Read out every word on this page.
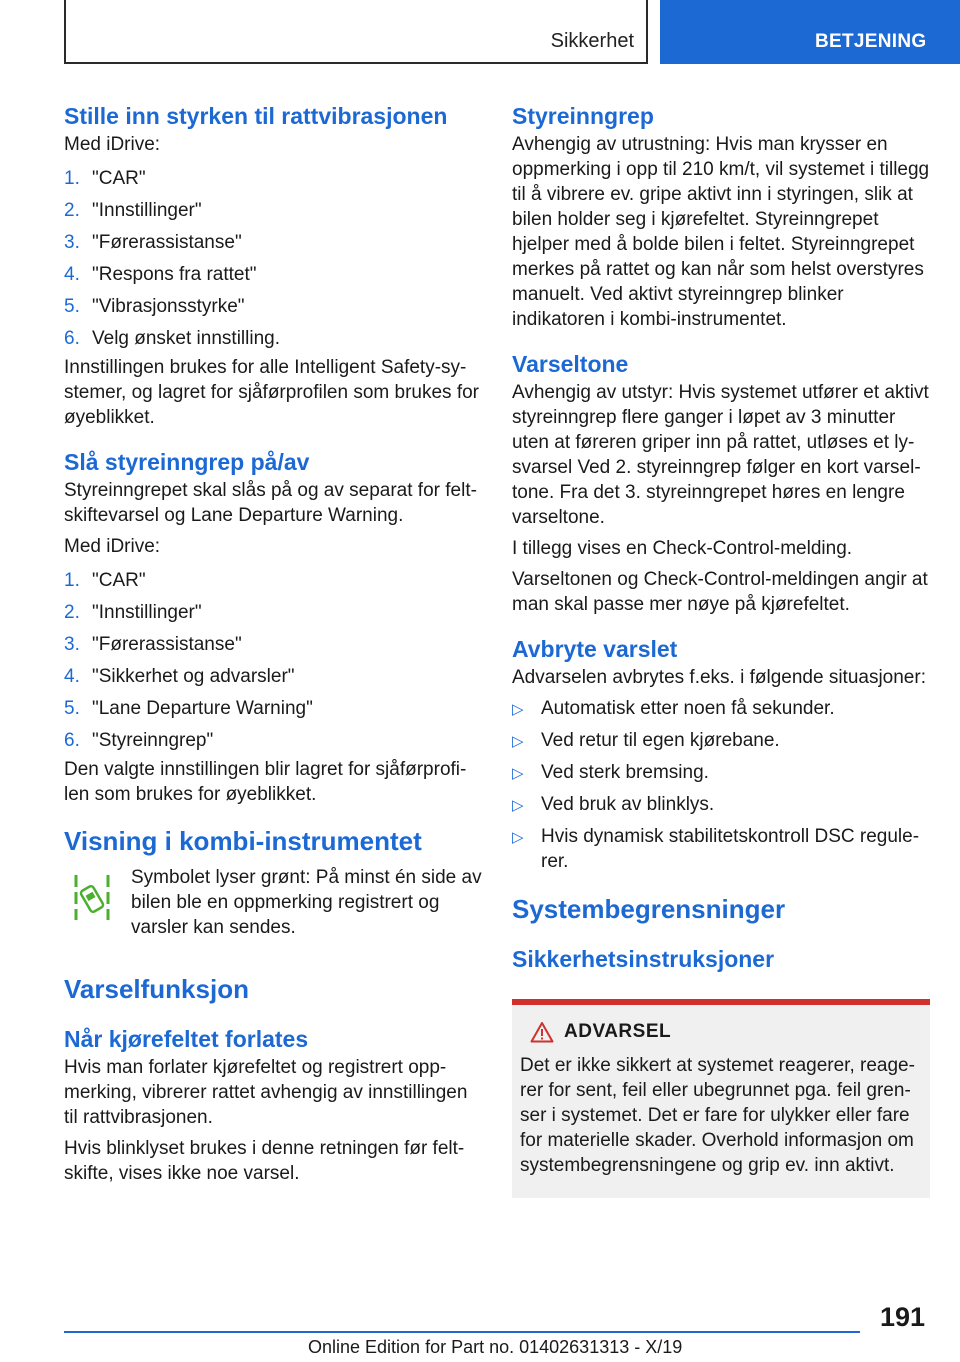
Sikkerhet	BETJENING
Stille inn styrken til rattvibrasjonen

Med iDrive:

1. "CAR"
2. "Innstillinger"
3. "Førerassistanse"
4. "Respons fra rattet"
5. "Vibrasjonsstyrke"
6. Velg ønsket innstilling.

Innstillingen brukes for alle Intelligent Safety-systemer, og lagret for sjåførprofilen som brukes for øyeblikket.

Slå styreinngrep på/av

Styreinngrepet skal slås på og av separat for feltskiftevarsel og Lane Departure Warning.

Med iDrive:

1. "CAR"
2. "Innstillinger"
3. "Førerassistanse"
4. "Sikkerhet og advarsler"
5. "Lane Departure Warning"
6. "Styreinngrep"

Den valgte innstillingen blir lagret for sjåførprofilen som brukes for øyeblikket.

Visning i kombi-instrumentet

Symbolet lyser grønt: På minst én side av bilen ble en oppmerking registrert og varsler kan sendes.

Varselfunksjon
Når kjørefeltet forlates

Hvis man forlater kjørefeltet og registrert oppmerking, vibrerer rattet avhengig av innstillingen til rattvibrasjonen.

Hvis blinklyset brukes i denne retningen før feltskifte, vises ikke noe varsel.

Styreinngrep

Avhengig av utrustning: Hvis man krysser en oppmerking i opp til 210 km/t, vil systemet i tillegg til å vibrere ev. gripe aktivt inn i styringen, slik at bilen holder seg i kjørefeltet. Styreinngrepet hjelper med å bolde bilen i feltet. Styreinngrepet merkes på rattet og kan når som helst overstyres manuelt. Ved aktivt styreinngrep blinker indikatoren i kombi-instrumentet.

Varseltone

Avhengig av utstyr: Hvis systemet utfører et aktivt styreinngrep flere ganger i løpet av 3 minutter uten at føreren griper inn på rattet, utløses et lysvarsel Ved 2. styreinngrep følger en kort varseltone. Fra det 3. styreinngrepet høres en lengre varseltone.

I tillegg vises en Check-Control-melding.

Varseltonen og Check-Control-meldingen angir at man skal passe mer nøye på kjørefeltet.

Avbryte varslet

Advarselen avbrytes f.eks. i følgende situasjoner:

▷ Automatisk etter noen få sekunder.
▷ Ved retur til egen kjørebane.
▷ Ved sterk bremsing.
▷ Ved bruk av blinklys.
▷ Hvis dynamisk stabilitetskontroll DSC regulerer.
Systembegrensninger
Sikkerhetsinstruksjoner
ADVARSEL

Det er ikke sikkert at systemet reagerer, reagerer for sent, feil eller ubegrunnet pga. feil grenser i systemet. Det er fare for ulykker eller fare for materielle skader. Overhold informasjon om systembegrensningene og grip ev. inn aktivt.

191
Online Edition for Part no. 01402631313 - X/19
